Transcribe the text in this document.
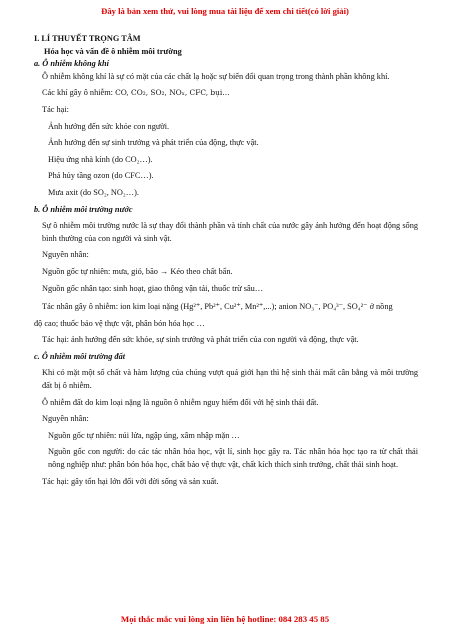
Đây là bản xem thử, vui lòng mua tài liệu để xem chi tiết(có lời giải)
I. LÍ THUYẾT TRỌNG TÂM
Hóa học và vấn đề ô nhiễm môi trường
a. Ô nhiễm không khí
Ô nhiễm không khí là sự có mặt của các chất lạ hoặc sự biến đổi quan trọng trong thành phần không khí.
Các khí gây ô nhiễm: CO, CO₂, SO₂, NOₓ, CFC, bụi…
Tác hại:
Ảnh hưởng đến sức khỏe con người.
Ảnh hưởng đến sự sinh trưởng và phát triển của động, thực vật.
Hiệu ứng nhà kính (do CO₂…).
Phá hủy tầng ozon (do CFC…).
Mưa axit (do SO₂, NO₂…).
b. Ô nhiễm môi trường nước
Sự ô nhiễm môi trường nước là sự thay đổi thành phần và tính chất của nước gây ảnh hưởng đến hoạt động sống bình thường của con người và sinh vật.
Nguyên nhân:
Nguồn gốc tự nhiên: mưa, gió, bão → Kéo theo chất bẩn.
Nguồn gốc nhân tạo: sinh hoạt, giao thông vận tải, thuốc trừ sâu…
Tác nhân gây ô nhiễm: ion kim loại nặng (Hg²⁺, Pb²⁺, Cu²⁺, Mn²⁺,...); anion NO₃⁻, PO₄³⁻, SO₄²⁻ ở nồng
độ cao; thuốc bảo vệ thực vật, phân bón hóa học …
Tác hại: ảnh hưởng đến sức khỏe, sự sinh trưởng và phát triển của con người và động, thực vật.
c. Ô nhiễm môi trường đất
Khi có mặt một số chất và hàm lượng của chúng vượt quá giới hạn thì hệ sinh thái mất cân bằng và môi trường đất bị ô nhiễm.
Ô nhiễm đất do kim loại nặng là nguồn ô nhiễm nguy hiểm đối với hệ sinh thái đất.
Nguyên nhân:
Nguồn gốc tự nhiên: núi lửa, ngập úng, xâm nhập mặn …
Nguồn gốc con người: do các tác nhân hóa học, vật lí, sinh học gây ra. Tác nhân hóa học tạo ra từ chất thải nông nghiệp như: phân bón hóa học, chất bảo vệ thực vật, chất kích thích sinh trưởng, chất thải sinh hoạt.
Tác hại: gây tổn hại lớn đối với đời sống và sản xuất.
Mọi thắc mắc vui lòng xin liên hệ hotline: 084 283 45 85
